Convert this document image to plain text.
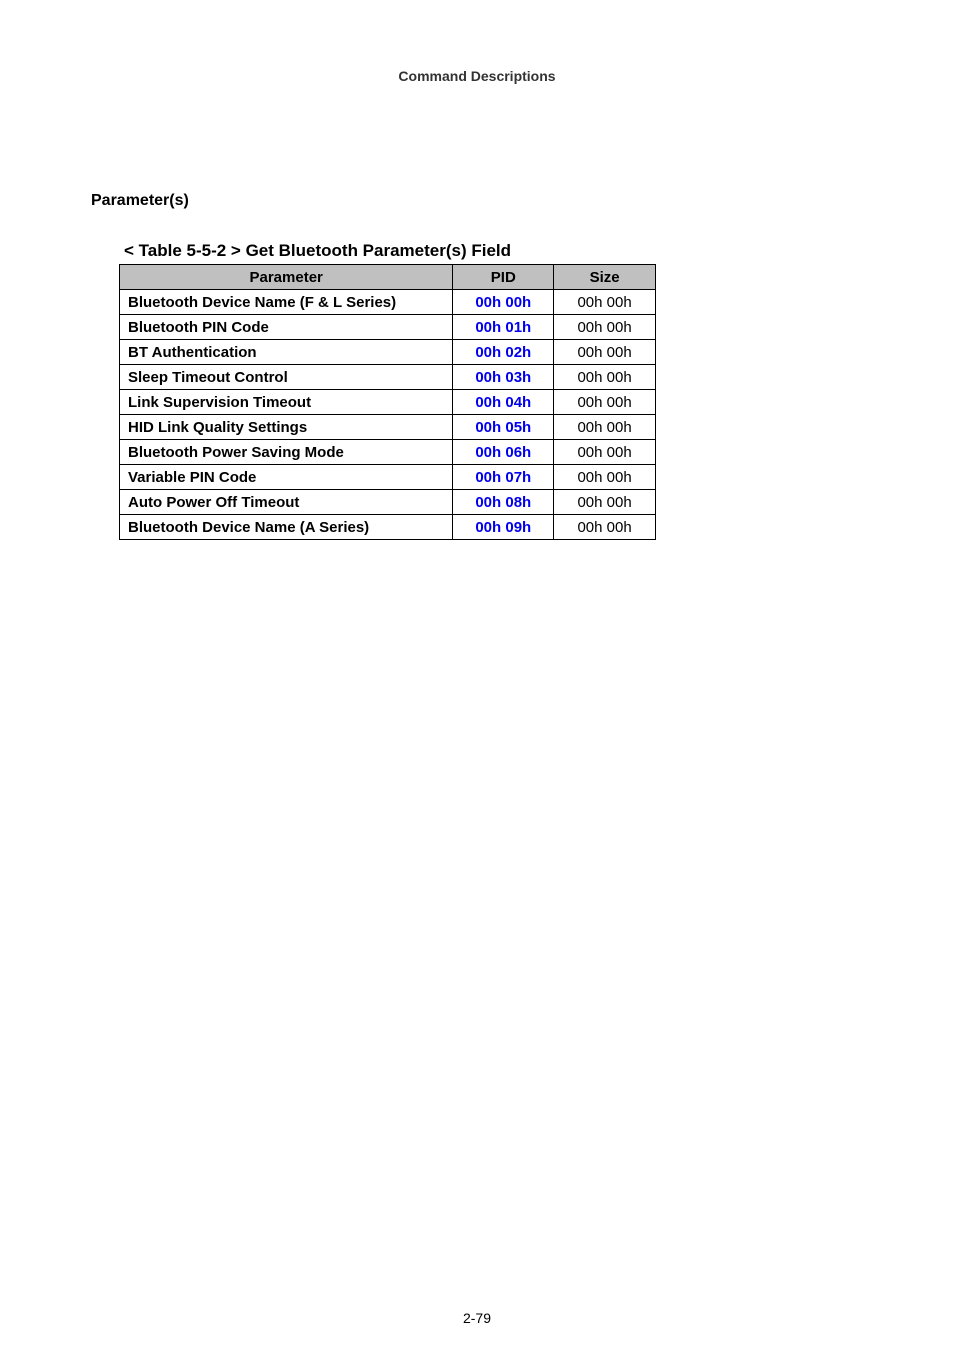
Command Descriptions
Parameter(s)
< Table 5-5-2 > Get Bluetooth Parameter(s) Field
Parameter	PID	Size
Bluetooth Device Name (F & L Series)	00h 00h	00h 00h
Bluetooth PIN Code	00h 01h	00h 00h
BT Authentication	00h 02h	00h 00h
Sleep Timeout Control	00h 03h	00h 00h
Link Supervision Timeout	00h 04h	00h 00h
HID Link Quality Settings	00h 05h	00h 00h
Bluetooth Power Saving Mode	00h 06h	00h 00h
Variable PIN Code	00h 07h	00h 00h
Auto Power Off Timeout	00h 08h	00h 00h
Bluetooth Device Name (A Series)	00h 09h	00h 00h
2-79
